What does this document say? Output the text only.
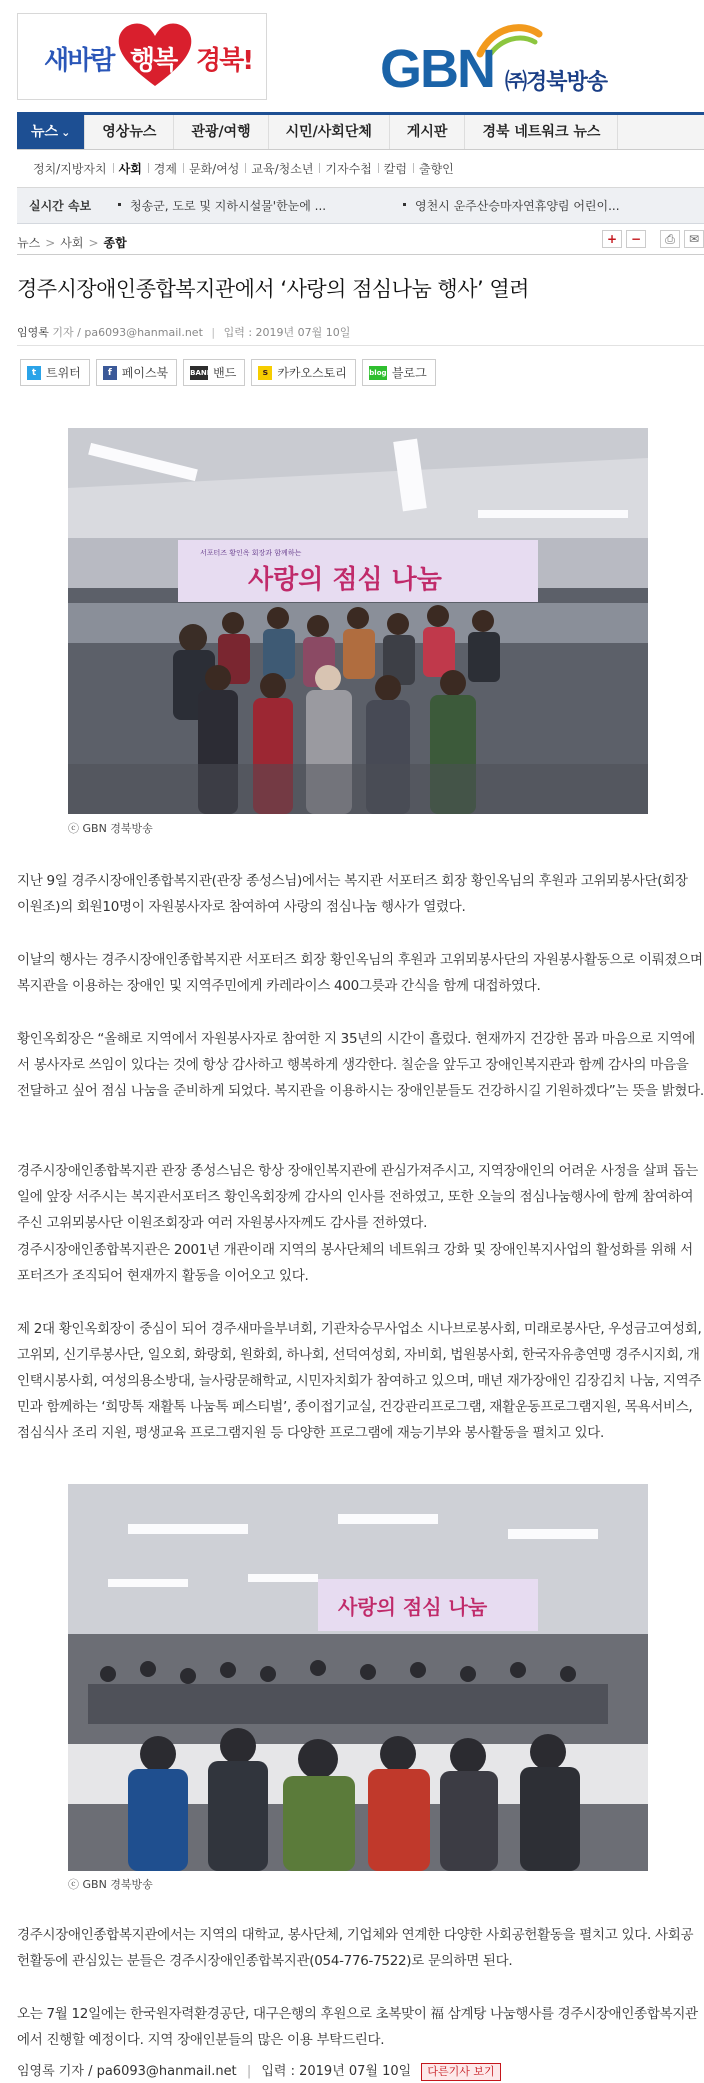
새바람 행복 경북! GBN ㈜경북방송
뉴스 ⌄	영상뉴스	관광/여행	시민/사회단체	게시판	경북 네트워크 뉴스
정치/지방자치	사회	경제	문화/여성	교육/청소년	기자수첩	칼럼	출향인
실시간 속보	청송군, 도로 및 지하시설물'한눈에 ...	영천시 운주산승마자연휴양림 어린이...
뉴스 > 사회 > 종합	+	−	⎙	✉
경주시장애인종합복지관에서 ‘사랑의 점심나눔 행사’ 열려
임영록 기자 / pa6093@hanmail.net | 입력 : 2019년 07월 10일
t 트위터	f 페이스북	BAND 밴드	s 카카오스토리	blog 블로그
서포터즈 황인옥 회장과 함께하는
사랑의 점심 나눔
ⓒ GBN 경북방송

지난 9일 경주시장애인종합복지관(관장 종성스님)에서는 복지관 서포터즈 회장 황인옥님의 후원과 고위뫼봉사단(회장 이원조)의 회원10명이 자원봉사자로 참여하여 사랑의 점심나눔 행사가 열렸다.

이날의 행사는 경주시장애인종합복지관 서포터즈 회장 황인옥님의 후원과 고위뫼봉사단의 자원봉사활동으로 이뤄졌으며 복지관을 이용하는 장애인 및 지역주민에게 카레라이스 400그릇과 간식을 함께 대접하였다.

황인옥회장은 “올해로 지역에서 자원봉사자로 참여한 지 35년의 시간이 흘렀다. 현재까지 건강한 몸과 마음으로 지역에서 봉사자로 쓰임이 있다는 것에 항상 감사하고 행복하게 생각한다. 칠순을 앞두고 장애인복지관과 함께 감사의 마음을 전달하고 싶어 점심 나눔을 준비하게 되었다. 복지관을 이용하시는 장애인분들도 건강하시길 기원하겠다”는 뜻을 밝혔다.

경주시장애인종합복지관 관장 종성스님은 항상 장애인복지관에 관심가져주시고, 지역장애인의 어려운 사정을 살펴 돕는 일에 앞장 서주시는 복지관서포터즈 황인옥회장께 감사의 인사를 전하였고, 또한 오늘의 점심나눔행사에 함께 참여하여주신 고위뫼봉사단 이원조회장과 여러 자원봉사자께도 감사를 전하였다.

경주시장애인종합복지관은 2001년 개관이래 지역의 봉사단체의 네트워크 강화 및 장애인복지사업의 활성화를 위해 서포터즈가 조직되어 현재까지 활동을 이어오고 있다.

제 2대 황인옥회장이 중심이 되어 경주새마을부녀회, 기관차승무사업소 시나브로봉사회, 미래로봉사단, 우성금고여성회, 고위뫼, 신기루봉사단, 일오회, 화랑회, 원화회, 하나회, 선덕여성회, 자비회, 법원봉사회, 한국자유총연맹 경주시지회, 개인택시봉사회, 여성의용소방대, 늘사랑문해학교, 시민자치회가 참여하고 있으며, 매년 재가장애인 김장김치 나눔, 지역주민과 함께하는 ‘희망톡 재활톡 나눔톡 페스티벌’, 종이접기교실, 건강관리프로그램, 재활운동프로그램지원, 목욕서비스, 점심식사 조리 지원, 평생교육 프로그램지원 등 다양한 프로그램에 재능기부와 봉사활동을 펼치고 있다.

사랑의 점심 나눔
ⓒ GBN 경북방송

경주시장애인종합복지관에서는 지역의 대학교, 봉사단체, 기업체와 연계한 다양한 사회공헌활동을 펼치고 있다. 사회공헌활동에 관심있는 분들은 경주시장애인종합복지관(054-776-7522)로 문의하면 된다.

오는 7월 12일에는 한국원자력환경공단, 대구은행의 후원으로 초복맞이 福 삼계탕 나눔행사를 경주시장애인종합복지관에서 진행할 예정이다. 지역 장애인분들의 많은 이용 부탁드린다.

임영록 기자 / pa6093@hanmail.net | 입력 : 2019년 07월 10일 다른기사 보기
